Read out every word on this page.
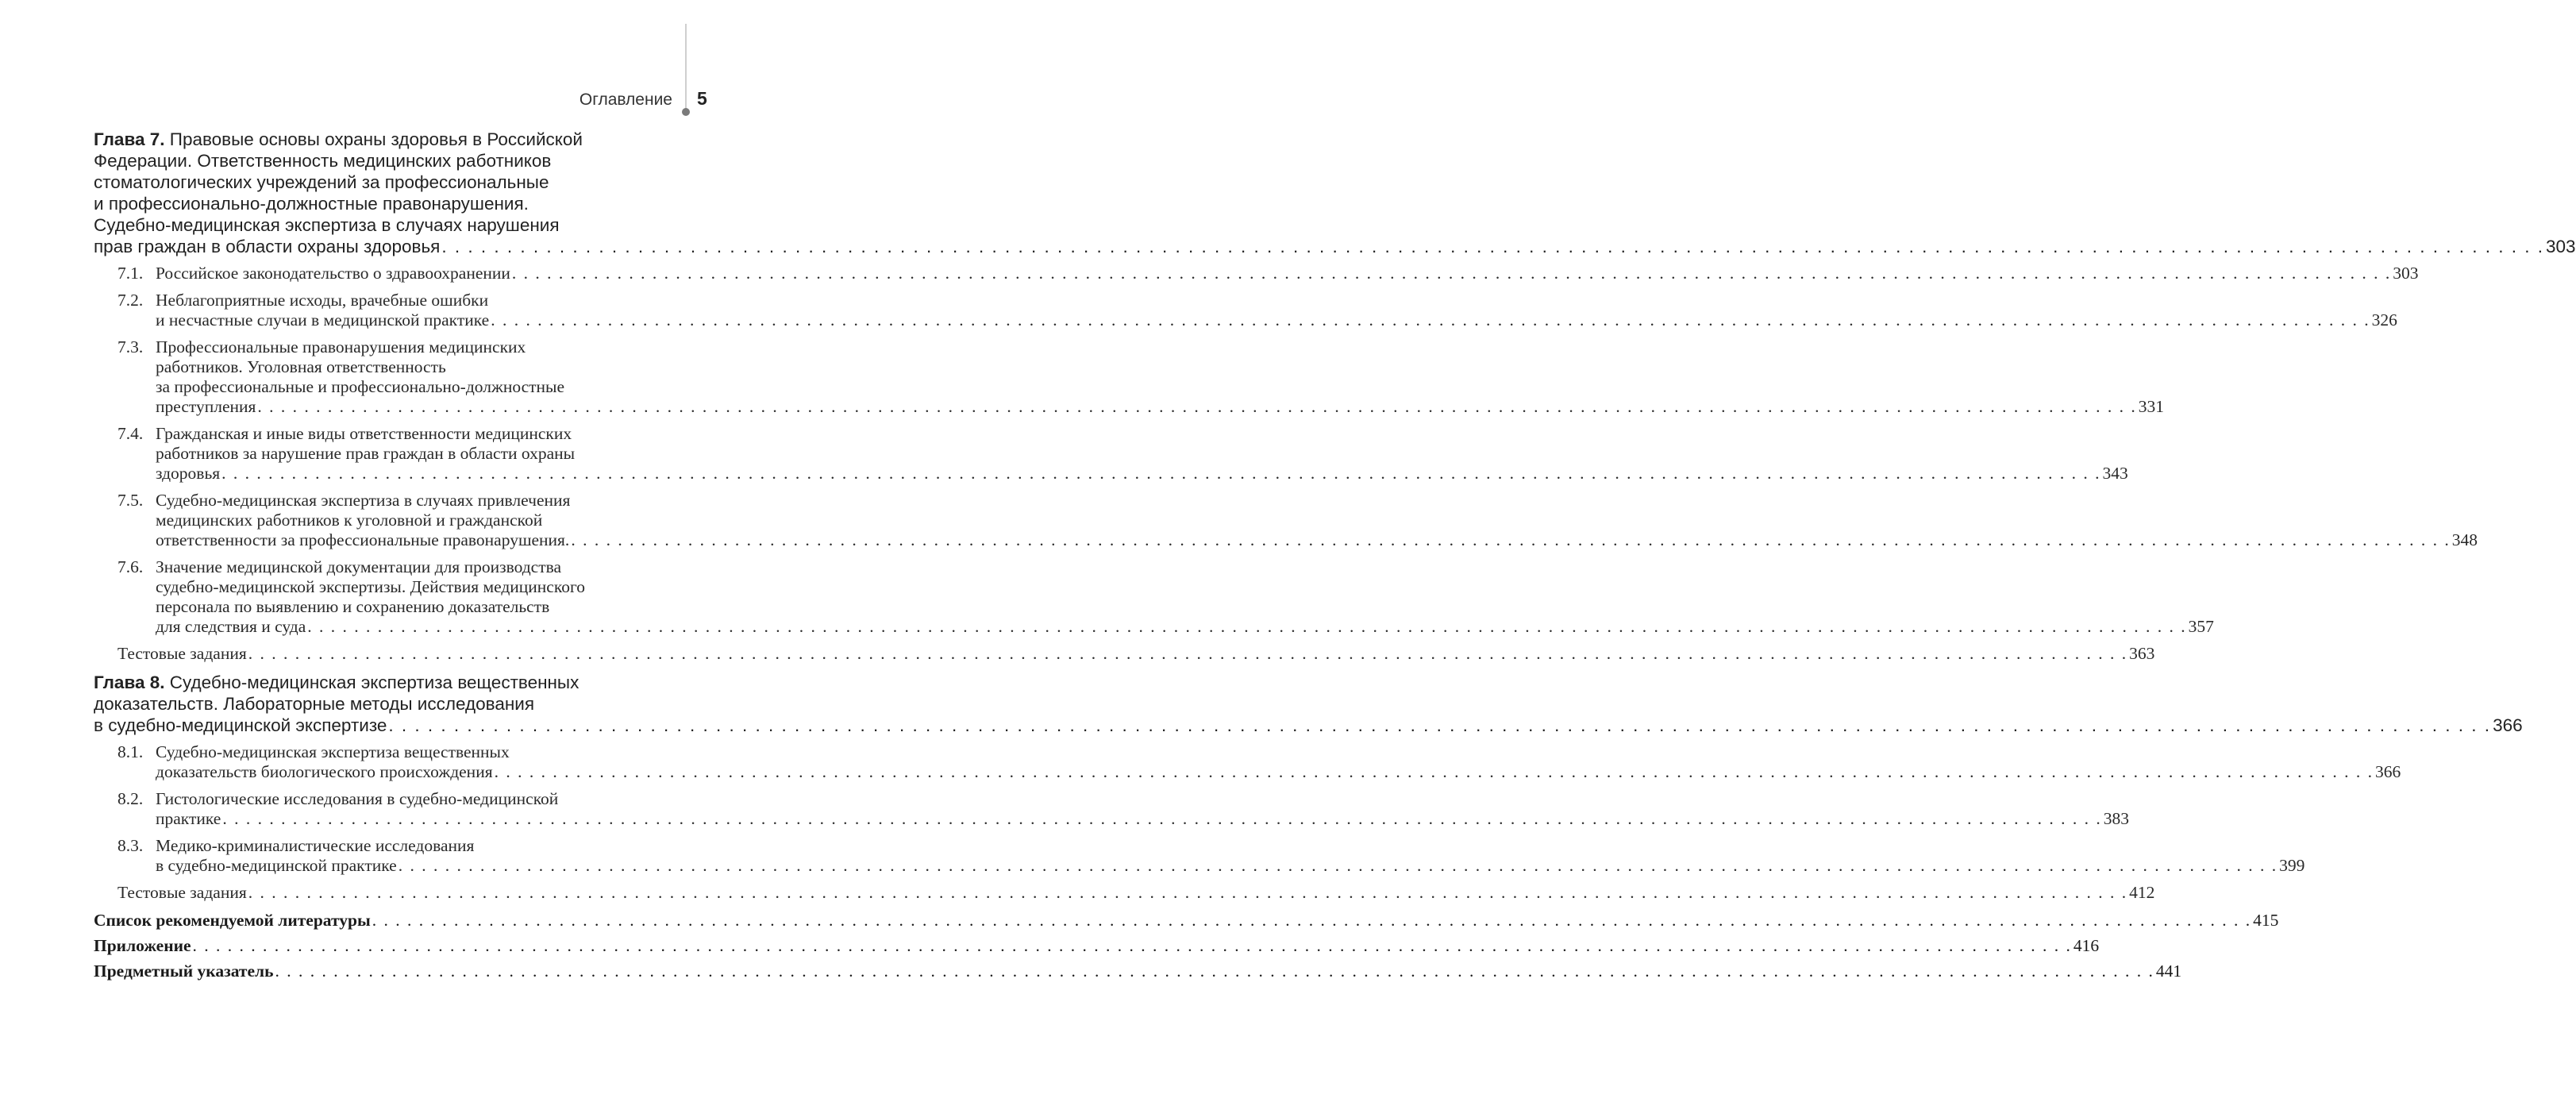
Оглавление 5
Глава 7. Правовые основы охраны здоровья в Российской
Федерации. Ответственность медицинских работников
стоматологических учреждений за профессиональные
и профессионально-должностные правонарушения.
Судебно-медицинская экспертиза в случаях нарушения
прав граждан в области охраны здоровья . . .	303
7.1. Российское законодательство о здравоохранении . . .	303
7.2. Неблагоприятные исходы, врачебные ошибки
и несчастные случаи в медицинской практике . . .	326
7.3. Профессиональные правонарушения медицинских
работников. Уголовная ответственность
за профессиональные и профессионально-должностные
преступления . . .	331
7.4. Гражданская и иные виды ответственности медицинских
работников за нарушение прав граждан в области охраны
здоровья . . .	343
7.5. Судебно-медицинская экспертиза в случаях привлечения
медицинских работников к уголовной и гражданской
ответственности за профессиональные правонарушения. . . .	348
7.6. Значение медицинской документации для производства
судебно-медицинской экспертизы. Действия медицинского
персонала по выявлению и сохранению доказательств
для следствия и суда . . .	357
Тестовые задания . . .	363
Глава 8. Судебно-медицинская экспертиза вещественных
доказательств. Лабораторные методы исследования
в судебно-медицинской экспертизе . . .	366
8.1. Судебно-медицинская экспертиза вещественных
доказательств биологического происхождения . . .	366
8.2. Гистологические исследования в судебно-медицинской
практике . . .	383
8.3. Медико-криминалистические исследования
в судебно-медицинской практике . . .	399
Тестовые задания . . .	412
Список рекомендуемой литературы . . .	415
Приложение . . .	416
Предметный указатель . . .	441
